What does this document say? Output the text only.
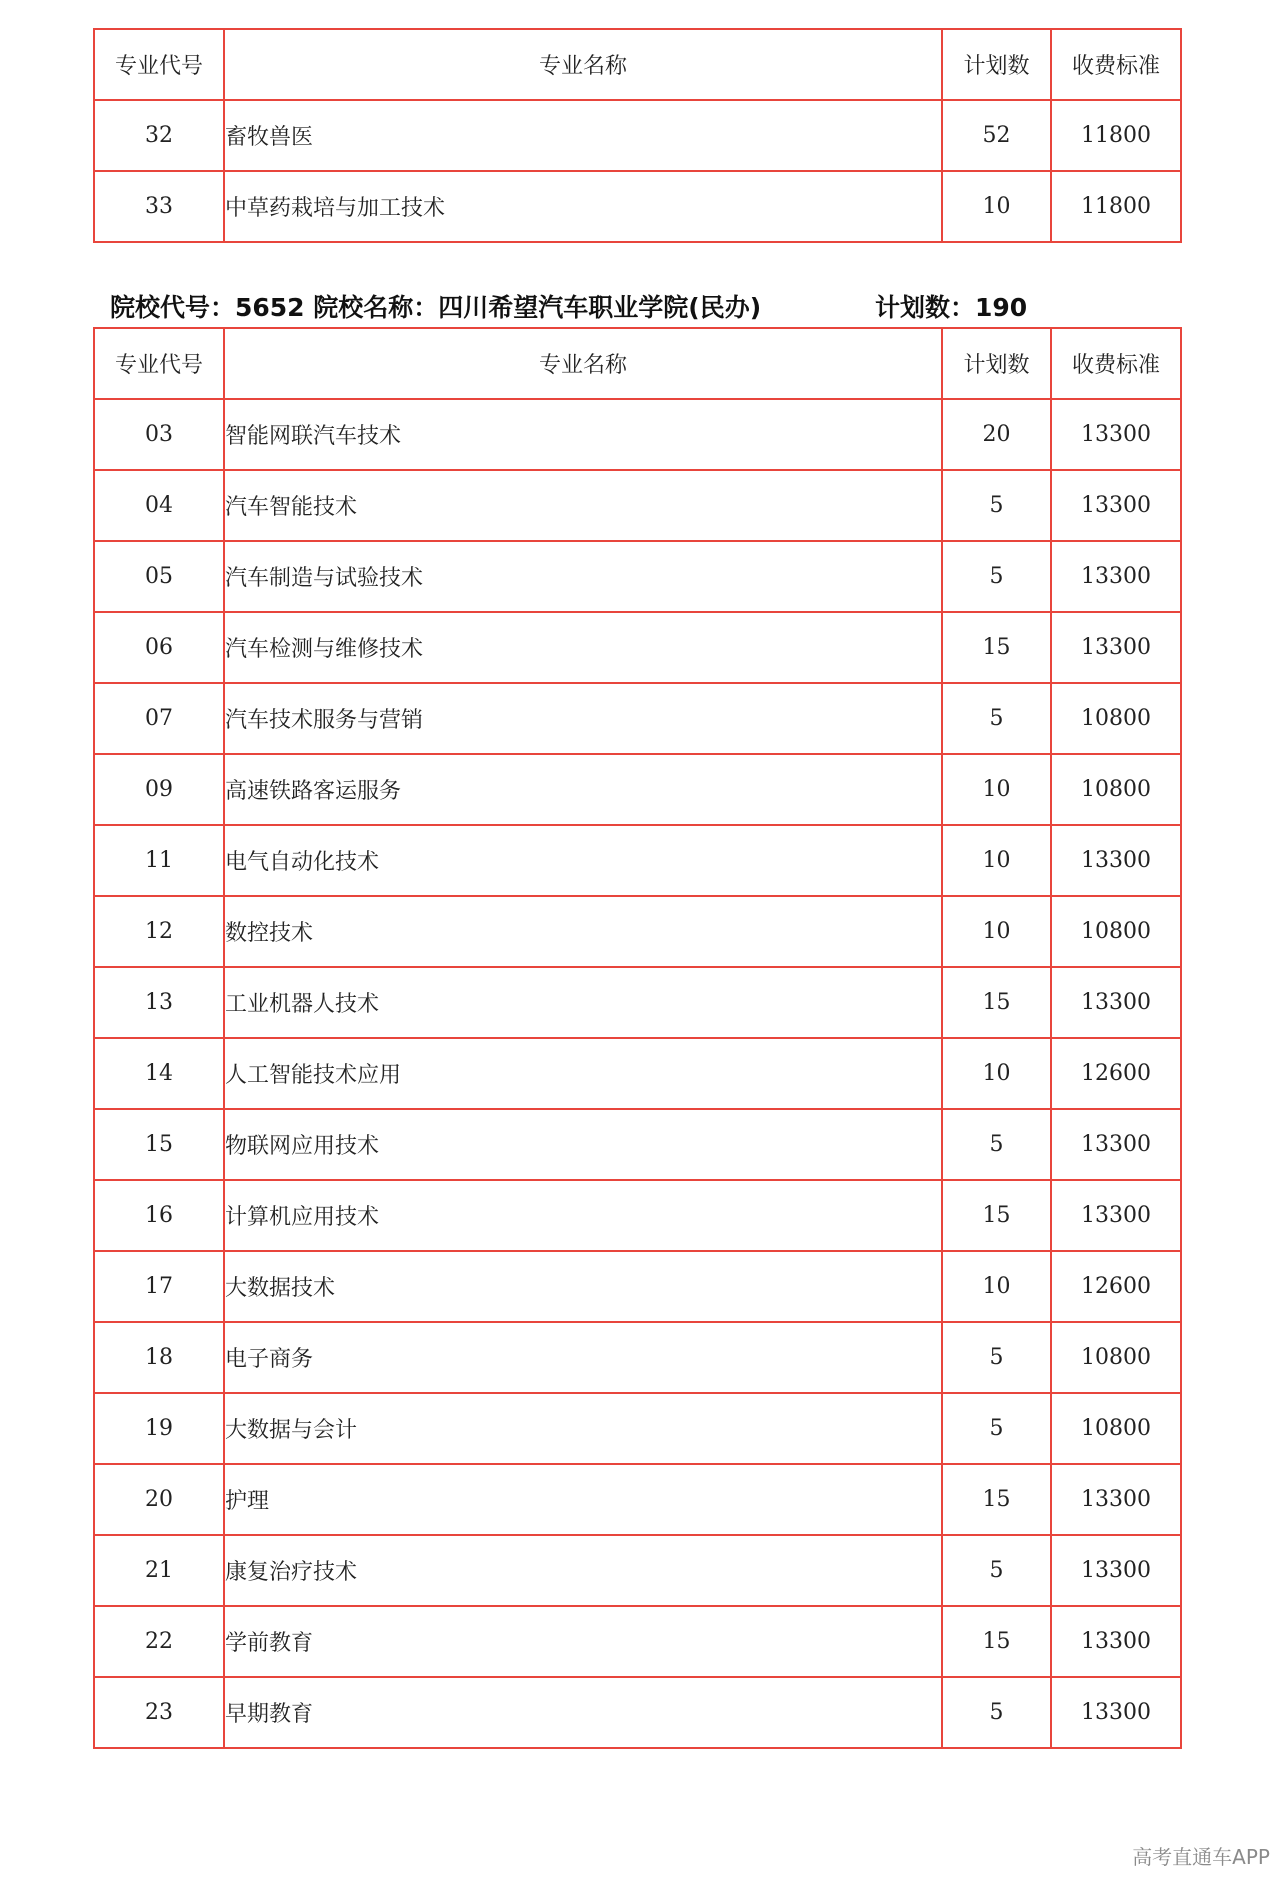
专业代号	专业名称	计划数	收费标准
32	畜牧兽医	52	11800
33	中草药栽培与加工技术	10	11800
院校代号：5652 院校名称：四川希望汽车职业学院(民办)	计划数：190
专业代号	专业名称	计划数	收费标准
03	智能网联汽车技术	20	13300
04	汽车智能技术	5	13300
05	汽车制造与试验技术	5	13300
06	汽车检测与维修技术	15	13300
07	汽车技术服务与营销	5	10800
09	高速铁路客运服务	10	10800
11	电气自动化技术	10	13300
12	数控技术	10	10800
13	工业机器人技术	15	13300
14	人工智能技术应用	10	12600
15	物联网应用技术	5	13300
16	计算机应用技术	15	13300
17	大数据技术	10	12600
18	电子商务	5	10800
19	大数据与会计	5	10800
20	护理	15	13300
21	康复治疗技术	5	13300
22	学前教育	15	13300
23	早期教育	5	13300
高考直通车APP
